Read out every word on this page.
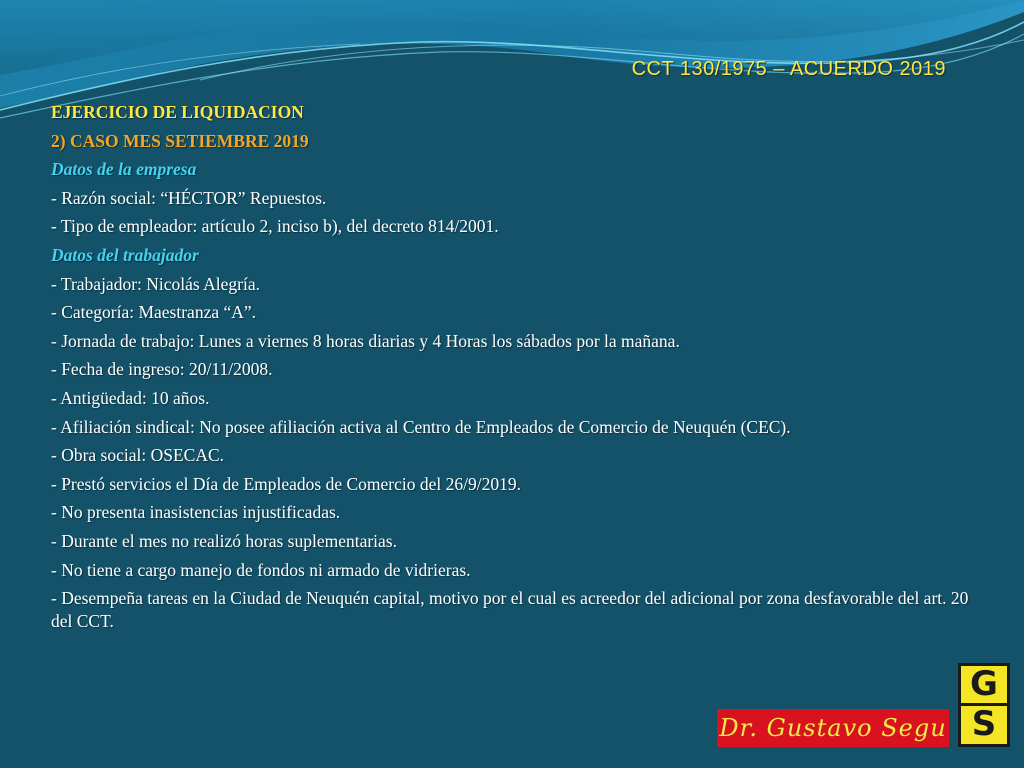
CCT 130/1975 – ACUERDO 2019
EJERCICIO DE LIQUIDACION
2) CASO MES SETIEMBRE 2019
Datos de la empresa
- Razón social: “HÉCTOR” Repuestos.
- Tipo de empleador: artículo 2, inciso b), del decreto 814/2001.
Datos del trabajador
- Trabajador: Nicolás Alegría.
- Categoría: Maestranza “A”.
- Jornada de trabajo: Lunes a viernes 8 horas diarias y 4 Horas los sábados por la mañana.
- Fecha de ingreso: 20/11/2008.
- Antigüedad: 10 años.
- Afiliación sindical: No posee afiliación activa al Centro de Empleados de Comercio de Neuquén (CEC).
- Obra social: OSECAC.
- Prestó servicios el Día de Empleados de Comercio del 26/9/2019.
- No presenta inasistencias injustificadas.
- Durante el mes no realizó horas suplementarias.
- No tiene a cargo manejo de fondos ni armado de vidrieras.
- Desempeña tareas en la Ciudad de Neuquén capital, motivo por el cual es acreedor del adicional por zona desfavorable del art. 20 del CCT.
Dr. Gustavo Segu
G
S
